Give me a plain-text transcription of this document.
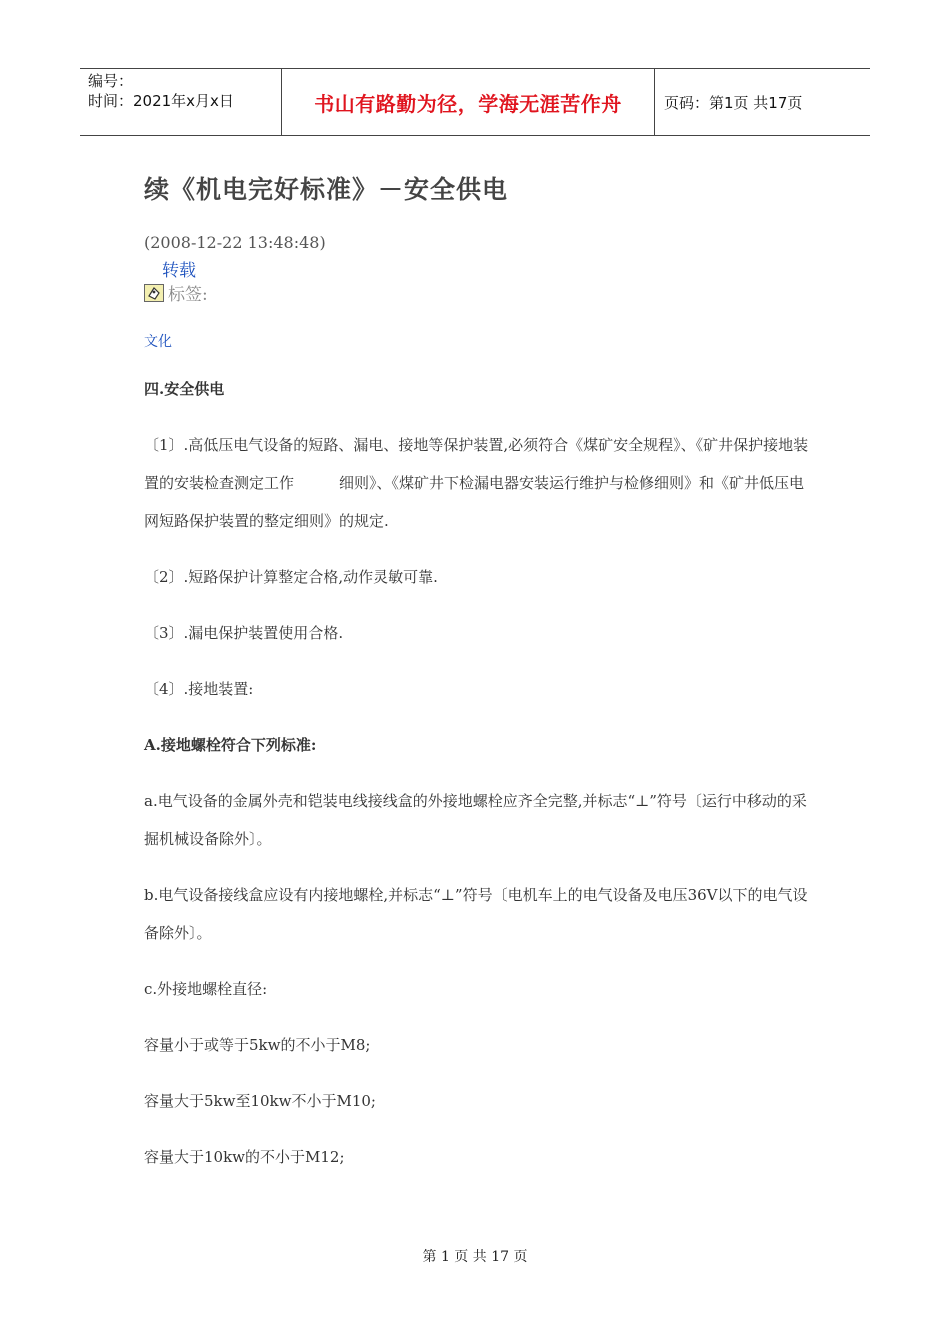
编号：
时间：2021年x月x日	书山有路勤为径，学海无涯苦作舟	页码：第1页 共17页
续《机电完好标准》－安全供电
(2008-12-22 13:48:48)
转载
标签:
文化

四.安全供电

〔1〕.高低压电气设备的短路、漏电、接地等保护装置,必须符合《煤矿安全规程》、《矿井保护接地装置的安装检查测定工作　　　细则》、《煤矿井下检漏电器安装运行维护与检修细则》和《矿井低压电网短路保护装置的整定细则》的规定.

〔2〕.短路保护计算整定合格,动作灵敏可靠.

〔3〕.漏电保护装置使用合格.

〔4〕.接地装置:

A.接地螺栓符合下列标准:

a.电气设备的金属外壳和铠装电线接线盒的外接地螺栓应齐全完整,并标志“⊥”符号〔运行中移动的采掘机械设备除外〕。

b.电气设备接线盒应设有内接地螺栓,并标志“⊥”符号〔电机车上的电气设备及电压36V以下的电气设备除外〕。

c.外接地螺栓直径:

容量小于或等于5kw的不小于M8;

容量大于5kw至10kw不小于M10;

容量大于10kw的不小于M12;

第 1 页 共 17 页
